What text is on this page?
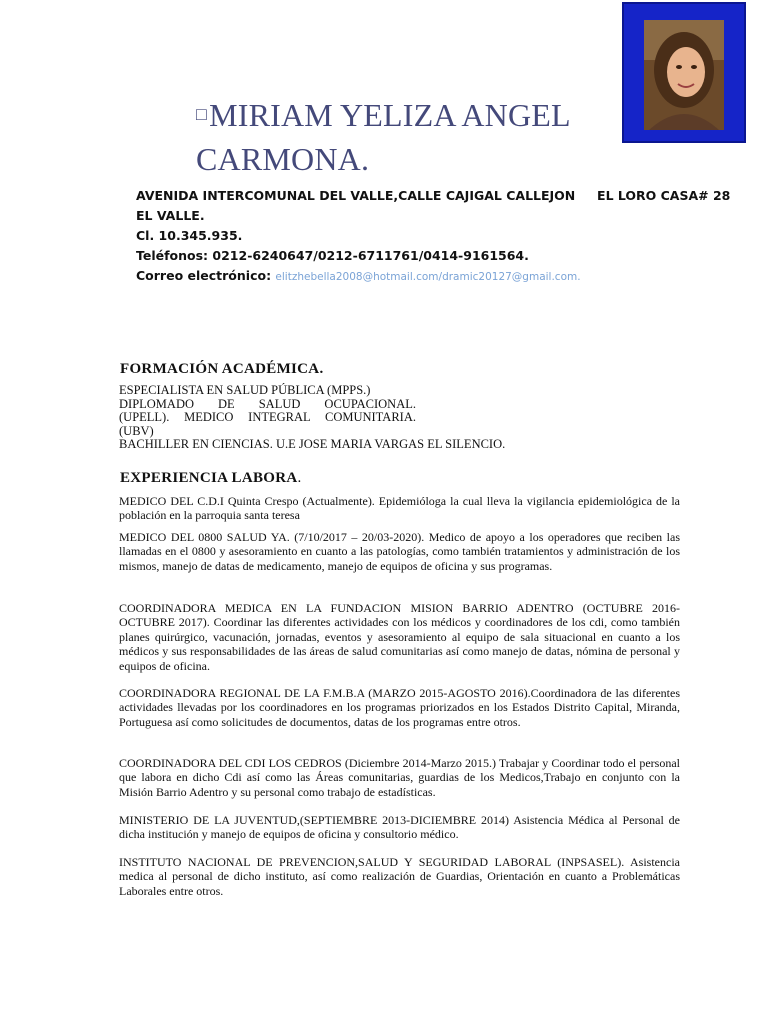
□MIRIAM YELIZA ANGEL
CARMONA.
AVENIDA INTERCOMUNAL DEL VALLE,CALLE CAJIGAL CALLEJON     EL LORO CASA# 28
EL VALLE.
Cl. 10.345.935.
Teléfonos: 0212-6240647/0212-6711761/0414-9161564.
Correo electrónico: elitzhebella2008@hotmail.com/dramic20127@gmail.com.
FORMACIÓN ACADÉMICA.
ESPECIALISTA EN SALUD PÚBLICA (MPPS.)
DIPLOMADO DE SALUD OCUPACIONAL.
(UPELL). MEDICO INTEGRAL COMUNITARIA.
(UBV)
BACHILLER EN CIENCIAS. U.E JOSE MARIA VARGAS EL SILENCIO.
EXPERIENCIA LABORA.
MEDICO DEL C.D.I Quinta Crespo (Actualmente). Epidemióloga la cual lleva la vigilancia epidemiológica de la población en la parroquia santa teresa
MEDICO DEL 0800 SALUD YA. (7/10/2017 – 20/03-2020). Medico de apoyo a los operadores que reciben las llamadas en el 0800 y asesoramiento en cuanto a las patologías, como también tratamientos y administración de los mismos, manejo de datas de medicamento, manejo de equipos de oficina y sus programas.
COORDINADORA MEDICA EN LA FUNDACION MISION BARRIO ADENTRO (OCTUBRE 2016-OCTUBRE 2017). Coordinar las diferentes actividades con los médicos y coordinadores de los cdi, como también planes quirúrgico, vacunación, jornadas, eventos y asesoramiento al equipo de sala situacional en cuanto a los médicos y sus responsabilidades de las áreas de salud comunitarias así como manejo de datas, nómina de personal y equipos de oficina.
COORDINADORA REGIONAL DE LA F.M.B.A (MARZO 2015-AGOSTO 2016).Coordinadora de las diferentes actividades llevadas por los coordinadores en los programas priorizados en los Estados Distrito Capital, Miranda, Portuguesa así como solicitudes de documentos, datas de los programas entre otros.
COORDINADORA DEL CDI LOS CEDROS (Diciembre 2014-Marzo 2015.) Trabajar y Coordinar todo el personal que labora en dicho Cdi así como las Áreas comunitarias, guardias de los Medicos,Trabajo en conjunto con la Misión Barrio Adentro y su personal como trabajo de estadísticas.
MINISTERIO DE LA JUVENTUD,(SEPTIEMBRE 2013-DICIEMBRE 2014) Asistencia Médica al Personal de dicha institución y manejo de equipos de oficina y consultorio médico.
INSTITUTO NACIONAL DE PREVENCION,SALUD Y SEGURIDAD LABORAL (INPSASEL). Asistencia medica al personal de dicho instituto, así como realización de Guardias, Orientación en cuanto a Problemáticas Laborales entre otros.
